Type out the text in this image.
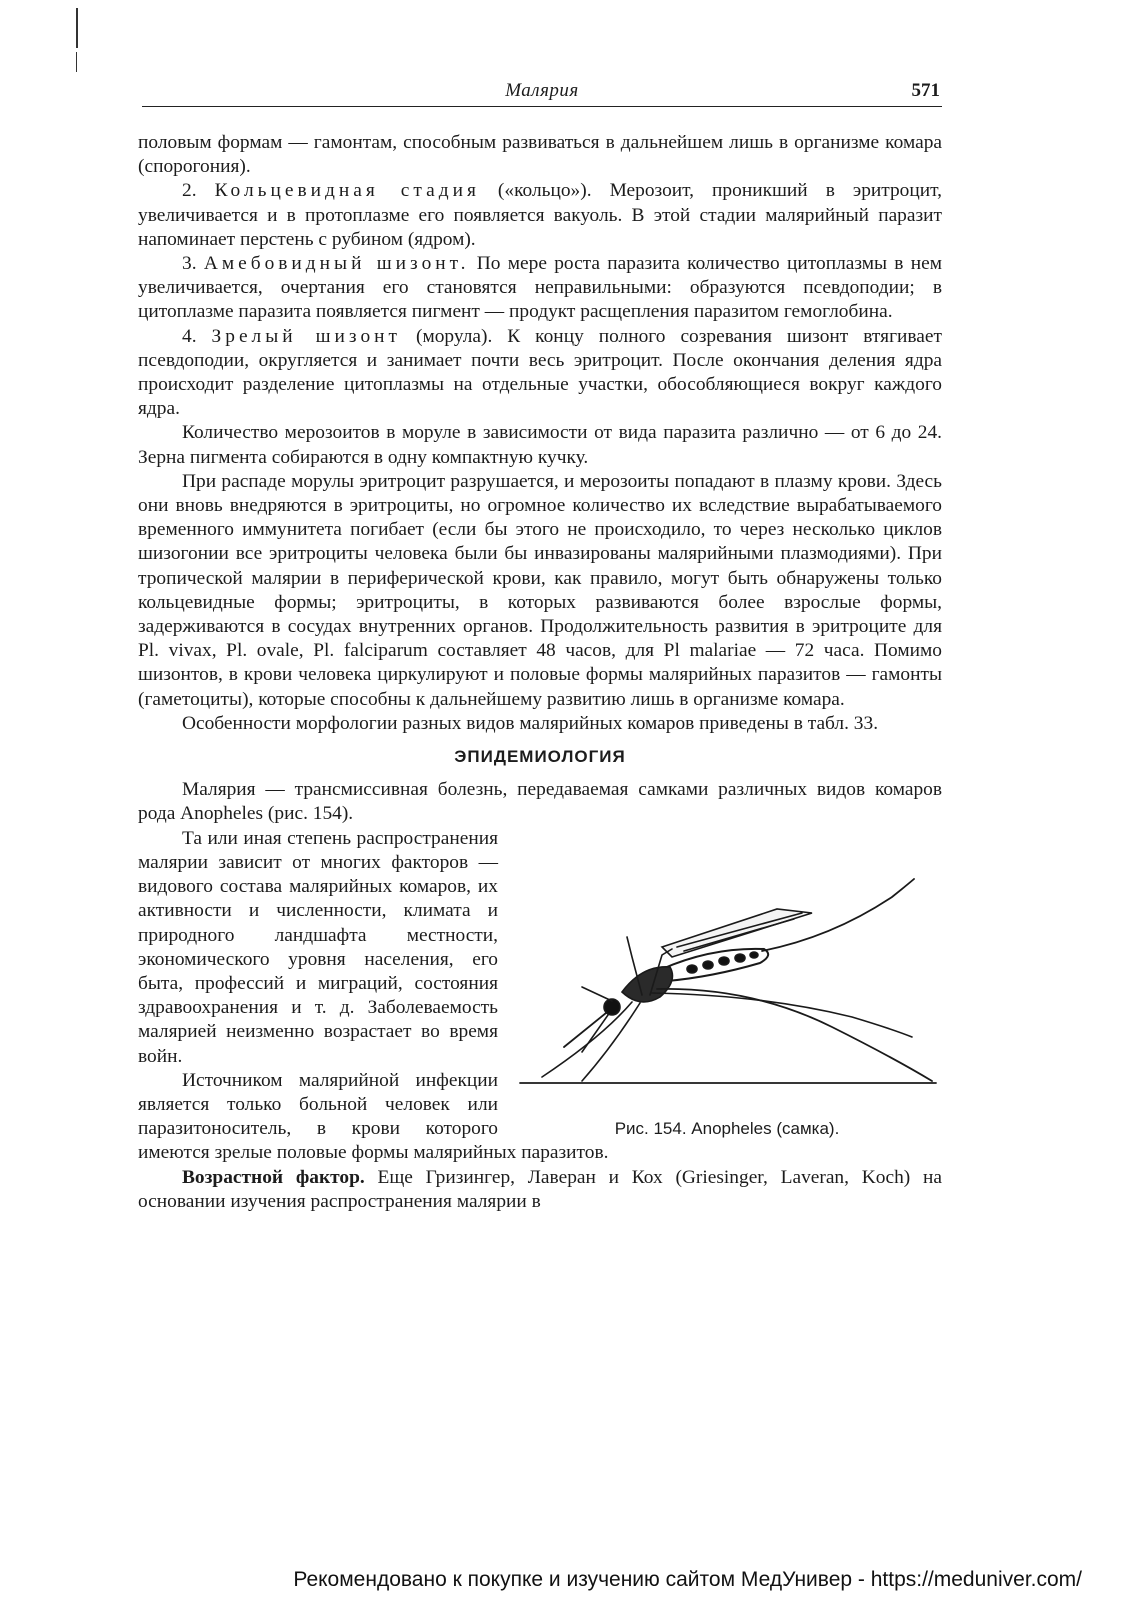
Малярия	571

половым формам — гамонтам, способным развиваться в дальнейшем лишь в организме комара (спорогония).

2. Кольцевидная стадия («кольцо»). Мерозоит, проникший в эритроцит, увеличивается и в протоплазме его появляется вакуоль. В этой стадии малярийный паразит напоминает перстень с рубином (ядром).

3. Амебовидный шизонт. По мере роста паразита количество цитоплазмы в нем увеличивается, очертания его становятся неправильными: образуются псевдоподии; в цитоплазме паразита появляется пигмент — продукт расщепления паразитом гемоглобина.

4. Зрелый шизонт (морула). К концу полного созревания шизонт втягивает псевдоподии, округляется и занимает почти весь эритроцит. После окончания деления ядра происходит разделение цитоплазмы на отдельные участки, обособляющиеся вокруг каждого ядра.

Количество мерозоитов в моруле в зависимости от вида паразита различно — от 6 до 24. Зерна пигмента собираются в одну компактную кучку.

При распаде морулы эритроцит разрушается, и мерозоиты попадают в плазму крови. Здесь они вновь внедряются в эритроциты, но огромное количество их вследствие вырабатываемого временного иммунитета погибает (если бы этого не происходило, то через несколько циклов шизогонии все эритроциты человека были бы инвазированы малярийными плазмодиями). При тропической малярии в периферической крови, как правило, могут быть обнаружены только кольцевидные формы; эритроциты, в которых развиваются более взрослые формы, задерживаются в сосудах внутренних органов. Продолжительность развития в эритроците для Pl. vivax, Pl. ovale, Pl. falciparum составляет 48 часов, для Pl malariae — 72 часа. Помимо шизонтов, в крови человека циркулируют и половые формы малярийных паразитов — гамонты (гаметоциты), которые способны к дальнейшему развитию лишь в организме комара.

Особенности морфологии разных видов малярийных комаров приведены в табл. 33.

ЭПИДЕМИОЛОГИЯ

Малярия — трансмиссивная болезнь, передаваемая самками различных видов комаров рода Anopheles (рис. 154).

Рис. 154. Anopheles (самка).

Та или иная степень распространения малярии зависит от многих факторов — видового состава малярийных комаров, их активности и численности, климата и природного ландшафта местности, экономического уровня населения, его быта, профессий и миграций, состояния здравоохранения и т. д. Заболеваемость малярией неизменно возрастает во время войн.

Источником малярийной инфекции является только больной человек или паразитоноситель, в крови которого имеются зрелые половые формы малярийных паразитов.

Возрастной фактор. Еще Гризингер, Лаверан и Кох (Griesinger, Laveran, Koch) на основании изучения распространения малярии в

Рекомендовано к покупке и изучению сайтом МедУнивер - https://meduniver.com/
